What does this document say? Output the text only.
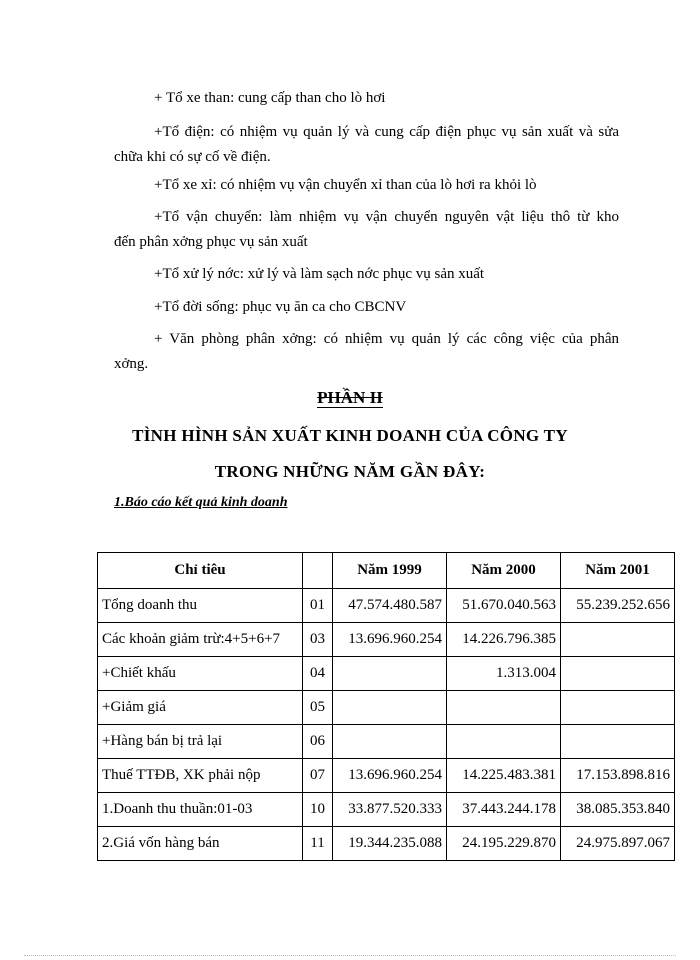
+ Tổ xe than: cung cấp than cho lò hơi

+Tổ điện: có nhiệm vụ quản lý và cung cấp điện phục vụ sản xuất và sửa
chữa khi có sự cố về điện.

+Tổ xe xỉ: có nhiệm vụ vận chuyển xỉ than của lò hơi ra khỏi lò

+Tổ vận chuyển: làm nhiệm vụ vận chuyển nguyên vật liệu thô từ kho
đến phân xởng phục vụ sản xuất

+Tổ xử lý nớc: xử lý và làm sạch nớc phục vụ sản xuất

+Tổ đời sống: phục vụ ăn ca cho CBCNV

+ Văn phòng phân xởng: có nhiệm vụ quản lý các công việc của phân
xởng.

PHẦN II

TÌNH HÌNH SẢN XUẤT KINH DOANH CỦA CÔNG TY

TRONG NHỮNG NĂM GẦN ĐÂY:

1.Báo cáo kết quả kinh doanh

Chỉ tiêu		Năm 1999	Năm 2000	Năm 2001
Tổng doanh thu	01	47.574.480.587	51.670.040.563	55.239.252.656
Các khoản giảm trừ:4+5+6+7	03	13.696.960.254	14.226.796.385	
+Chiết khấu	04		1.313.004	
+Giảm giá	05			
+Hàng bán bị trả lại	06			
Thuế TTĐB, XK phải nộp	07	13.696.960.254	14.225.483.381	17.153.898.816
1.Doanh thu thuần:01-03	10	33.877.520.333	37.443.244.178	38.085.353.840
2.Giá vốn hàng bán	11	19.344.235.088	24.195.229.870	24.975.897.067
